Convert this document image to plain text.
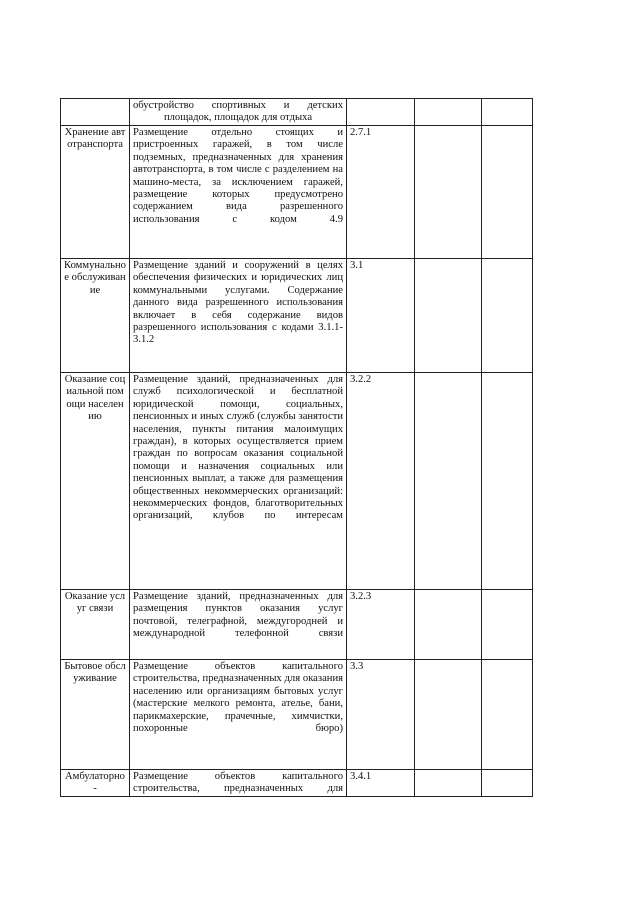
	обустройство спортивных и детских площадок, площадок для отдыха			
Хранение автотранспорта	Размещение отдельно стоящих и пристроенных гаражей, в том числе подземных, предназначенных для хранения автотранспорта, в том числе с разделением на машино-места, за исключением гаражей, размещение которых предусмотрено содержанием вида разрешенного использования с кодом 4.9	2.7.1		
Коммунальное обслуживание	Размещение зданий и сооружений в целях обеспечения физических и юридических лиц коммунальными услугами. Содержание данного вида разрешенного использования включает в себя содержание видов разрешенного использования с кодами 3.1.1-3.1.2	3.1		
Оказание социальной помощи населению	Размещение зданий, предназначенных для служб психологической и бесплатной юридической помощи, социальных, пенсионных и иных служб (службы занятости населения, пункты питания малоимущих граждан), в которых осуществляется прием граждан по вопросам оказания социальной помощи и назначения социальных или пенсионных выплат, а также для размещения общественных некоммерческих организаций: некоммерческих фондов, благотворительных организаций, клубов по интересам	3.2.2		
Оказание услуг связи	Размещение зданий, предназначенных для размещения пунктов оказания услуг почтовой, телеграфной, междугородней и международной телефонной связи	3.2.3		
Бытовое обслуживание	Размещение объектов капитального строительства, предназначенных для оказания населению или организациям бытовых услуг (мастерские мелкого ремонта, ателье, бани, парикмахерские, прачечные, химчистки, похоронные бюро)	3.3		
Амбулаторно-	Размещение объектов капитального строительства, предназначенных для	3.4.1		
